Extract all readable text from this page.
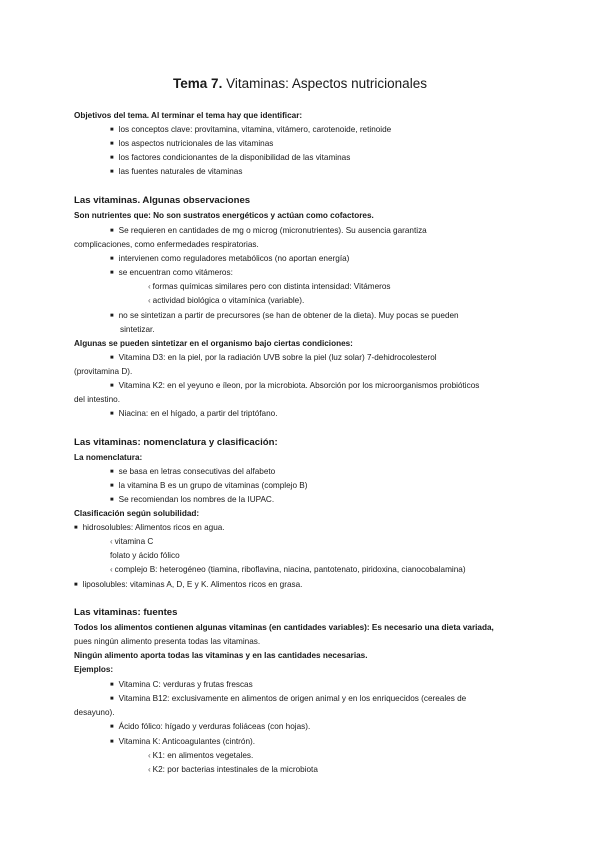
Tema 7. Vitaminas: Aspectos nutricionales
Objetivos del tema. Al terminar el tema hay que identificar:
■ los conceptos clave: provitamina, vitamina, vitámero, carotenoide, retinoide
■ los aspectos nutricionales de las vitaminas
■ los factores condicionantes de la disponibilidad de las vitaminas
■ las fuentes naturales de vitaminas
Las vitaminas. Algunas observaciones
Son nutrientes que: No son sustratos energéticos y actúan como cofactores.
■ Se requieren en cantidades de mg o microg (micronutrientes). Su ausencia garantiza
complicaciones, como enfermedades respiratorias.
■ intervienen como reguladores metabólicos (no aportan energía)
■ se encuentran como vitámeros:
‹ formas químicas similares pero con distinta intensidad: Vitámeros
‹ actividad biológica o vitamínica (variable).
■ no se sintetizan a partir de precursores (se han de obtener de la dieta). Muy pocas se pueden
sintetizar.
Algunas se pueden sintetizar en el organismo bajo ciertas condiciones:
■ Vitamina D3: en la piel, por la radiación UVB sobre la piel (luz solar) 7-dehidrocolesterol
(provitamina D).
■ Vitamina K2: en el yeyuno e íleon, por la microbiota. Absorción por los microorganismos probióticos
del intestino.
■ Niacina: en el hígado, a partir del triptófano.
Las vitaminas: nomenclatura y clasificación:
La nomenclatura:
■ se basa en letras consecutivas del alfabeto
■ la vitamina B es un grupo de vitaminas (complejo B)
■ Se recomiendan los nombres de la IUPAC.
Clasificación según solubilidad:
■ hidrosolubles: Alimentos ricos en agua.
‹ vitamina C
folato y ácido fólico
‹ complejo B: heterogéneo (tiamina, riboflavina, niacina, pantotenato, piridoxina, cianocobalamina)
■ liposolubles: vitaminas A, D, E y K. Alimentos ricos en grasa.
Las vitaminas: fuentes
Todos los alimentos contienen algunas vitaminas (en cantidades variables): Es necesario una dieta variada,
pues ningún alimento presenta todas las vitaminas.
Ningún alimento aporta todas las vitaminas y en las cantidades necesarias.
Ejemplos:
■ Vitamina C: verduras y frutas frescas
■ Vitamina B12: exclusivamente en alimentos de origen animal y en los enriquecidos (cereales de
desayuno).
■ Ácido fólico: hígado y verduras foliáceas (con hojas).
■ Vitamina K: Anticoagulantes (cintrón).
‹ K1: en alimentos vegetales.
‹ K2: por bacterias intestinales de la microbiota
